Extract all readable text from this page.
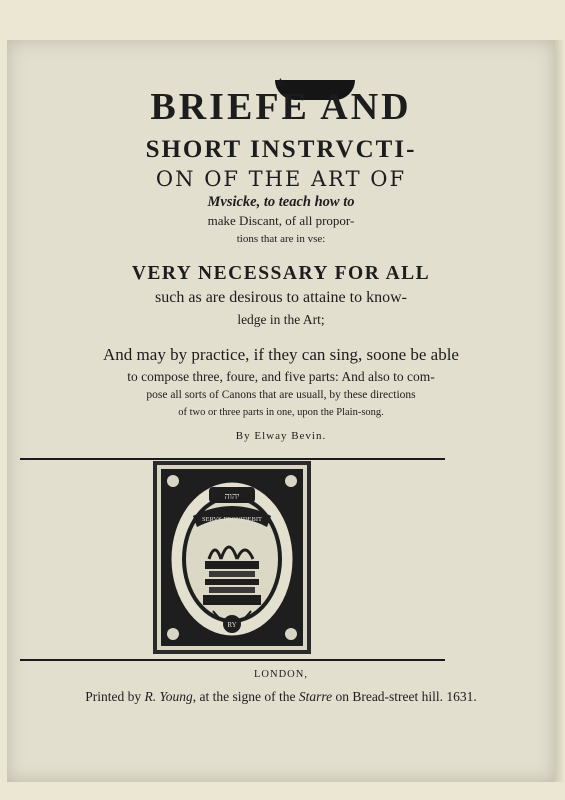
A
BRIEFE AND
SHORT INSTRVCTI-
ON OF THE ART OF
Mvsicke, to teach how to
make Discant, of all propor-
tions that are in vse:
VERY NECESSARY FOR ALL
such as are desirous to attaine to know-
ledge in the Art;
And may by practice, if they can sing, soone be able
to compose three, foure, and five parts: And also to com-
pose all sorts of Canons that are usuall, by these directions
of two or three parts in one, upon the Plain-song.
By Elway Bevin.
SERVS PROVIDEBIT
יהוה
RY
LONDON,
Printed by R. Young, at the signe of the Starre on Bread-street hill. 1631.
